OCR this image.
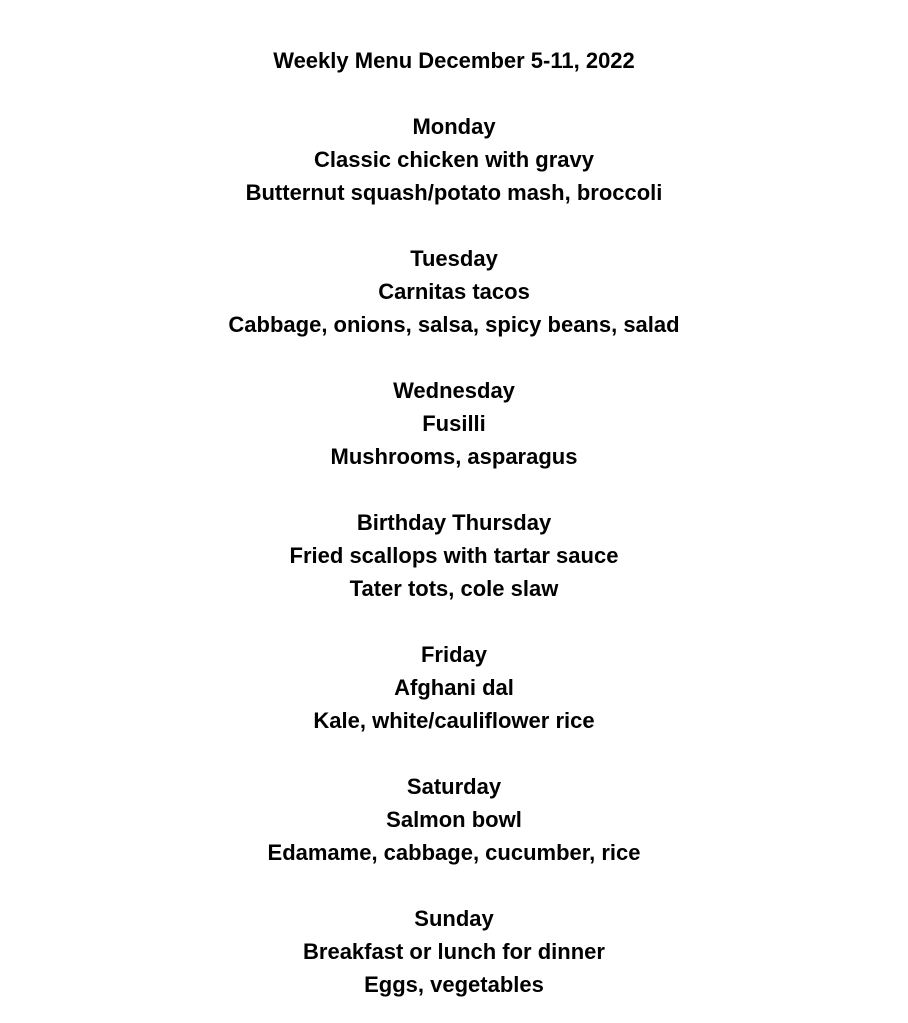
Weekly Menu December 5-11, 2022
Monday
Classic chicken with gravy
Butternut squash/potato mash, broccoli
Tuesday
Carnitas tacos
Cabbage, onions, salsa, spicy beans, salad
Wednesday
Fusilli
Mushrooms, asparagus
Birthday Thursday
Fried scallops with tartar sauce
Tater tots, cole slaw
Friday
Afghani dal
Kale, white/cauliflower rice
Saturday
Salmon bowl
Edamame, cabbage, cucumber, rice
Sunday
Breakfast or lunch for dinner
Eggs, vegetables
